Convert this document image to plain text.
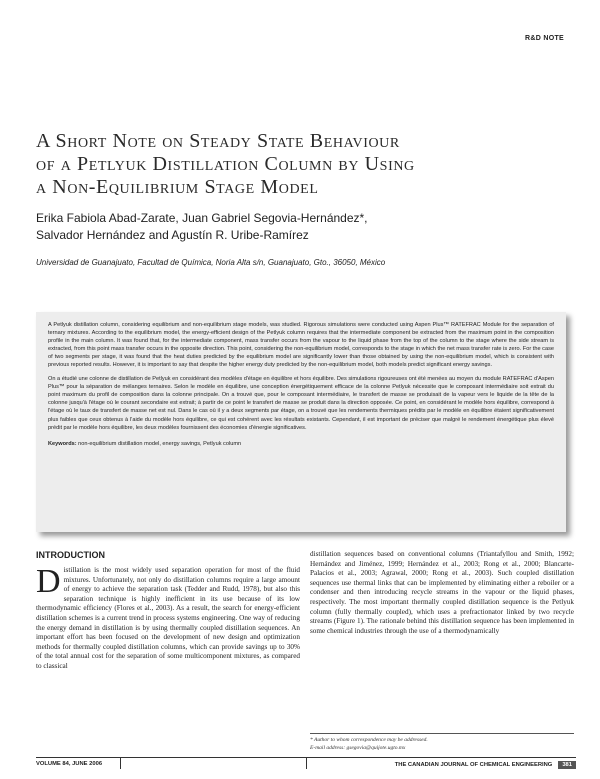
R&D NOTE
A Short Note on Steady State Behaviour
of a Petlyuk Distillation Column by Using
a Non-Equilibrium Stage Model
Erika Fabiola Abad-Zarate, Juan Gabriel Segovia-Hernández*,
Salvador Hernández and Agustín R. Uribe-Ramírez
Universidad de Guanajuato, Facultad de Química, Noria Alta s/n, Guanajuato, Gto., 36050, México

A Petlyuk distillation column, considering equilibrium and non-equilibrium stage models, was studied. Rigorous simulations were conducted using Aspen Plus™ RATEFRAC Module for the separation of ternary mixtures. According to the equilibrium model, the energy-efficient design of the Petlyuk column requires that the intermediate component be extracted from the maximum point in the composition profile in the main column. It was found that, for the intermediate component, mass transfer occurs from the vapour to the liquid phase from the top of the column to the stage where the side stream is extracted, from this point mass transfer occurs in the opposite direction. This point, considering the non-equilibrium model, corresponds to the stage in which the net mass transfer rate is zero. For the case of two segments per stage, it was found that the heat duties predicted by the equilibrium model are significantly lower than those obtained by using the non-equilibrium model, which is consistent with previous reported results. However, it is important to say that despite the higher energy duty predicted by the non-equilibrium model, both models predict significant energy savings.

On a étudié une colonne de distillation de Petlyuk en considérant des modèles d'étage en équilibre et hors équilibre. Des simulations rigoureuses ont été menées au moyen du module RATEFRAC d'Aspen Plus™ pour la séparation de mélanges ternaires. Selon le modèle en équilibre, une conception énergétiquement efficace de la colonne Petlyuk nécessite que le composant intermédiaire soit extrait du point maximum du profil de composition dans la colonne principale. On a trouvé que, pour le composant intermédiaire, le transfert de masse se produisait de la vapeur vers le liquide de la tête de la colonne jusqu'à l'étage où le courant secondaire est extrait; à partir de ce point le transfert de masse se produit dans la direction opposée. Ce point, en considérant le modèle hors équilibre, correspond à l'étage où le taux de transfert de masse net est nul. Dans le cas où il y a deux segments par étage, on a trouvé que les rendements thermiques prédits par le modèle en équilibre étaient significativement plus faibles que ceux obtenus à l'aide du modèle hors équilibre, ce qui est cohérent avec les résultats existants. Cependant, il est important de préciser que malgré le rendement énergétique plus élevé prédit par le modèle hors équilibre, les deux modèles fournissent des économies d'énergie significatives.

Keywords: non-equilibrium distillation model, energy savings, Petlyuk column

INTRODUCTION
Distillation is the most widely used separation operation for most of the fluid mixtures. Unfortunately, not only do distillation columns require a large amount of energy to achieve the separation task (Tedder and Rudd, 1978), but also this separation technique is highly inefficient in its use because of its low thermodynamic efficiency (Flores et al., 2003). As a result, the search for energy-efficient distillation schemes is a current trend in process systems engineering. One way of reducing the energy demand in distillation is by using thermally coupled distillation sequences. An important effort has been focused on the development of new design and optimization methods for thermally coupled distillation columns, which can provide savings up to 30% of the total annual cost for the separation of some multicomponent mixtures, as compared to classical
distillation sequences based on conventional columns (Triantafyllou and Smith, 1992; Hernández and Jiménez, 1999; Hernández et al., 2003; Rong et al., 2000; Blancarte-Palacios et al., 2003; Agrawal, 2000; Rong et al., 2003). Such coupled distillation sequences use thermal links that can be implemented by eliminating either a reboiler or a condenser and then introducing recycle streams in the vapour or the liquid phases, respectively. The most important thermally coupled distillation sequence is the Petlyuk column (fully thermally coupled), which uses a prefractionator linked by two recycle streams (Figure 1). The rationale behind this distillation sequence has been implemented in some chemical industries through the use of a thermodynamically
* Author to whom correspondence may be addressed.
E-mail address: gsegovia@quijote.ugto.mx
VOLUME 84, JUNE 2006	THE CANADIAN JOURNAL OF CHEMICAL ENGINEERING 381
